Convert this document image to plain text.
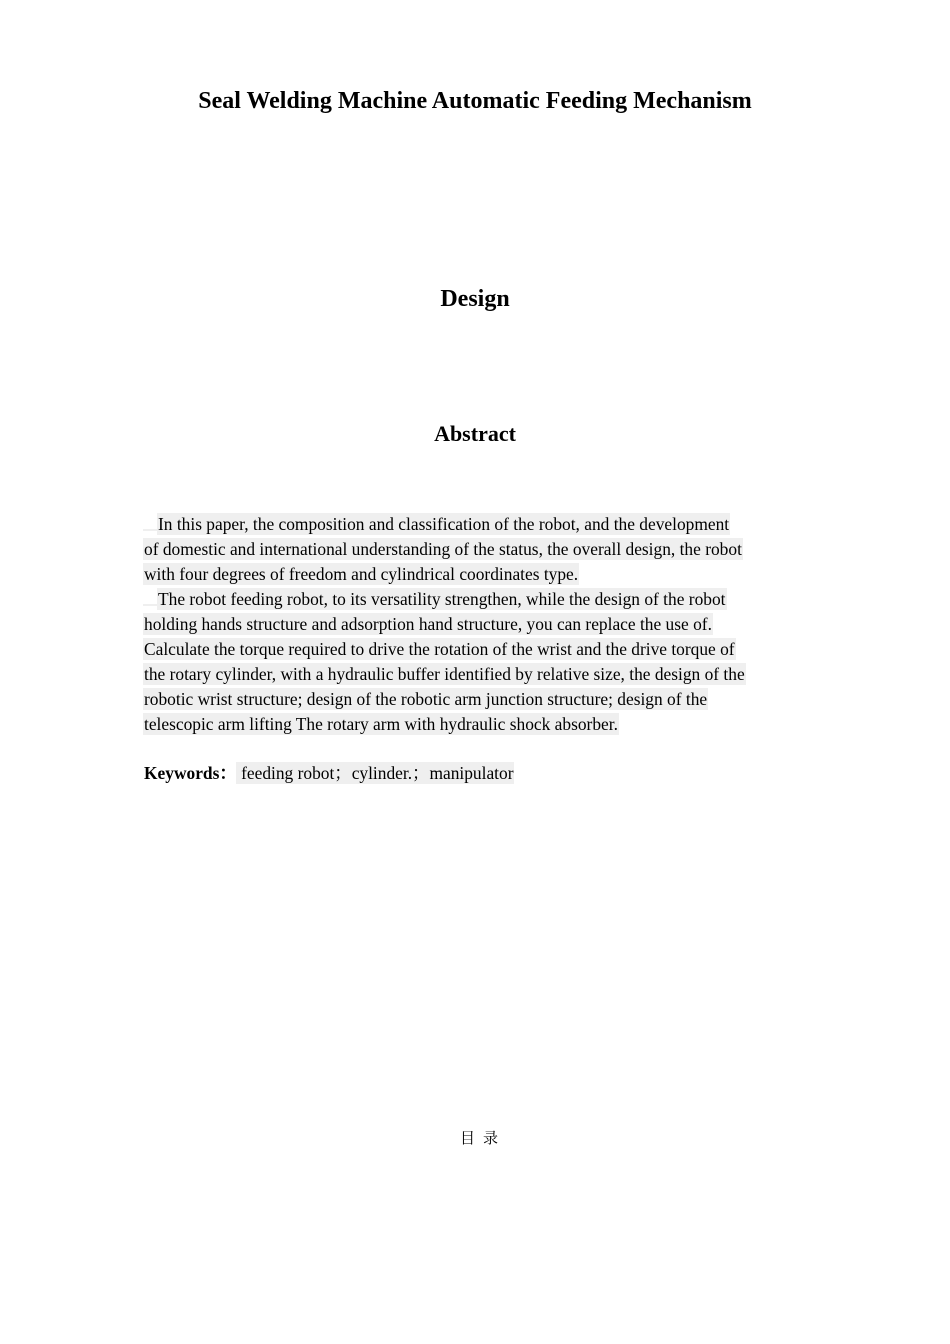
Seal Welding Machine Automatic Feeding Mechanism
Design
Abstract

In this paper, the composition and classification of the robot, and the development
of domestic and international understanding of the status, the overall design, the robot
with four degrees of freedom and cylindrical coordinates type.

The robot feeding robot, to its versatility strengthen, while the design of the robot
holding hands structure and adsorption hand structure, you can replace the use of.
Calculate the torque required to drive the rotation of the wrist and the drive torque of
the rotary cylinder, with a hydraulic buffer identified by relative size, the design of the
robotic wrist structure; design of the robotic arm junction structure; design of the
telescopic arm lifting The rotary arm with hydraulic shock absorber.

Keywords： feeding robot；cylinder.；manipulator

目录
